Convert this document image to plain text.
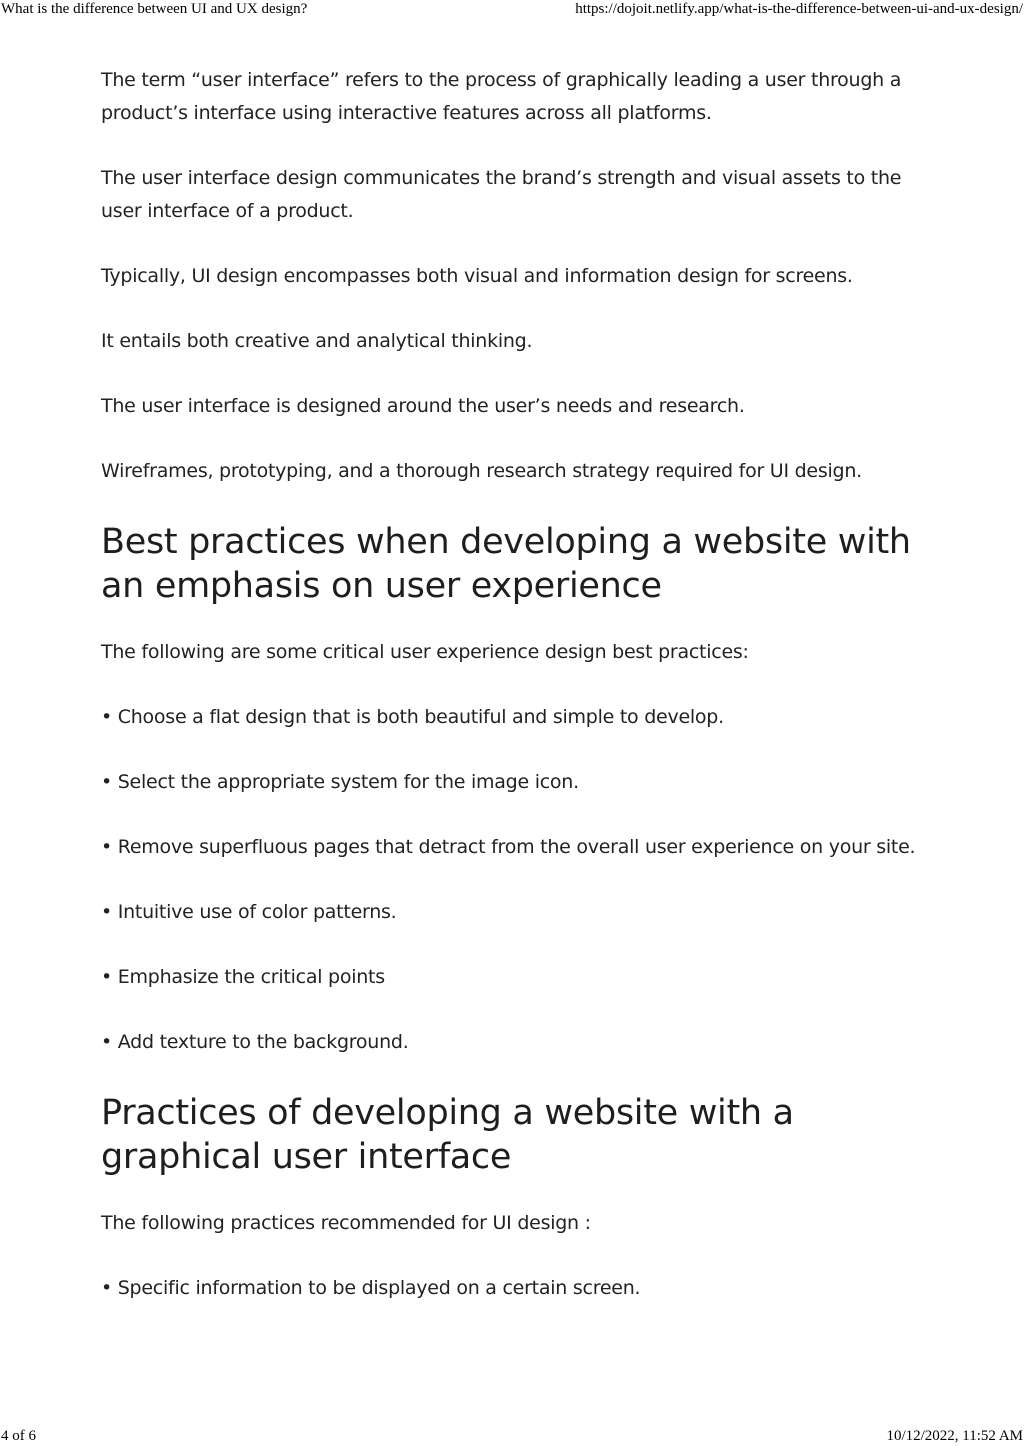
What is the difference between UI and UX design?	https://dojoit.netlify.app/what-is-the-difference-between-ui-and-ux-design/

The term “user interface” refers to the process of graphically leading a user through a product’s interface using interactive features across all platforms.

The user interface design communicates the brand’s strength and visual assets to the user interface of a product.

Typically, UI design encompasses both visual and information design for screens.

It entails both creative and analytical thinking.

The user interface is designed around the user’s needs and research.

Wireframes, prototyping, and a thorough research strategy required for UI design.

Best practices when developing a website with an emphasis on user experience

The following are some critical user experience design best practices:

• Choose a flat design that is both beautiful and simple to develop.

• Select the appropriate system for the image icon.

• Remove superfluous pages that detract from the overall user experience on your site.

• Intuitive use of color patterns.

• Emphasize the critical points

• Add texture to the background.

Practices of developing a website with a graphical user interface

The following practices recommended for UI design :

• Specific information to be displayed on a certain screen.

4 of 6	10/12/2022, 11:52 AM
